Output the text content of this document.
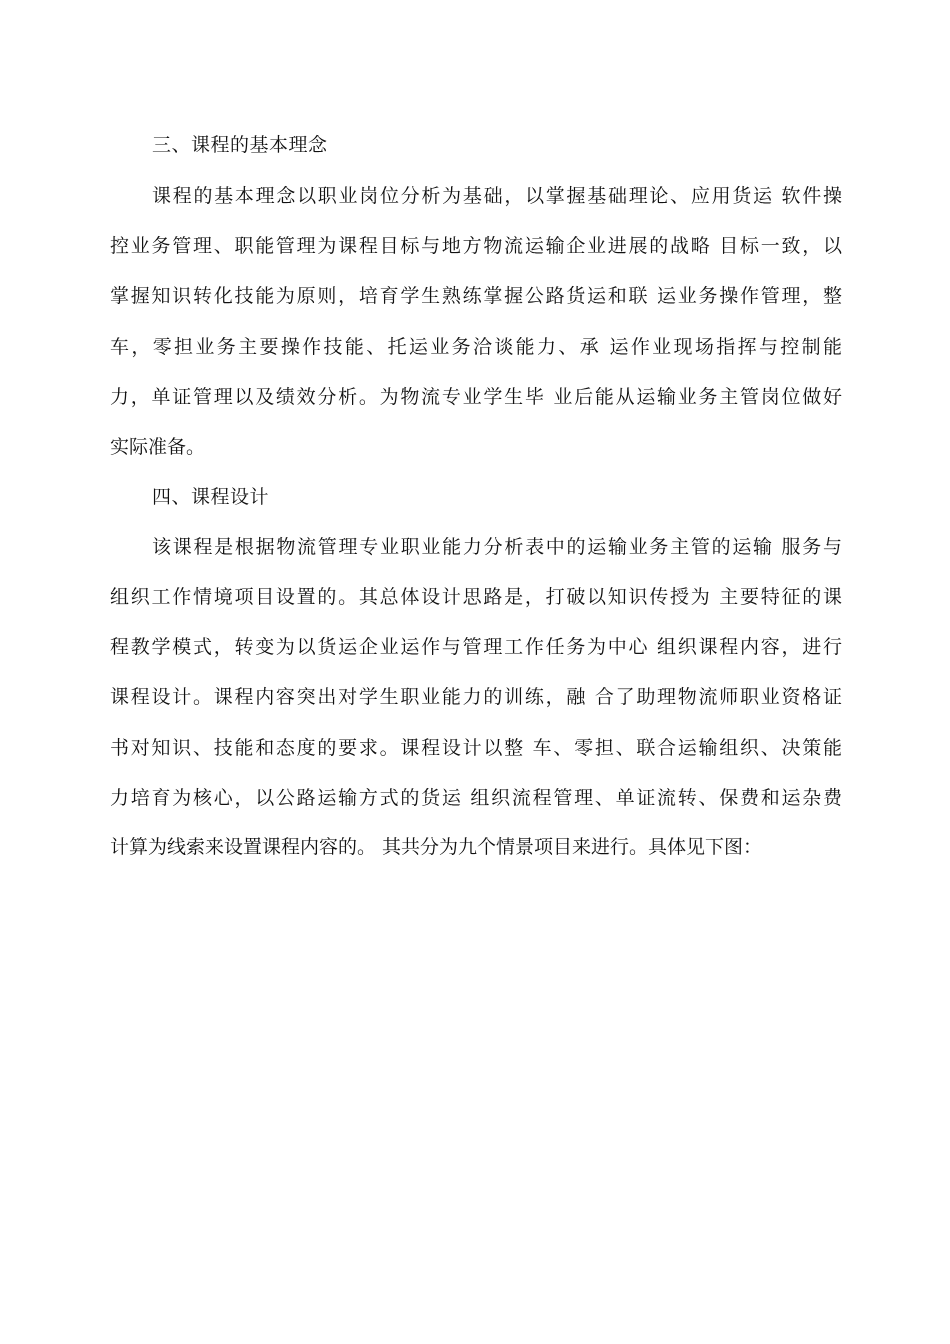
三、课程的基本理念
课程的基本理念以职业岗位分析为基础，以掌握基础理论、应用货运 软件操
控业务管理、职能管理为课程目标与地方物流运输企业进展的战略 目标一致，以
掌握知识转化技能为原则，培育学生熟练掌握公路货运和联 运业务操作管理，整
车，零担业务主要操作技能、托运业务洽谈能力、承 运作业现场指挥与控制能
力，单证管理以及绩效分析。为物流专业学生毕 业后能从运输业务主管岗位做好
实际准备。
四、课程设计
该课程是根据物流管理专业职业能力分析表中的运输业务主管的运输 服务与
组织工作情境项目设置的。其总体设计思路是，打破以知识传授为 主要特征的课
程教学模式，转变为以货运企业运作与管理工作任务为中心 组织课程内容，进行
课程设计。课程内容突出对学生职业能力的训练，融 合了助理物流师职业资格证
书对知识、技能和态度的要求。课程设计以整 车、零担、联合运输组织、决策能
力培育为核心，以公路运输方式的货运 组织流程管理、单证流转、保费和运杂费
计算为线索来设置课程内容的。 其共分为九个情景项目来进行。具体见下图：
